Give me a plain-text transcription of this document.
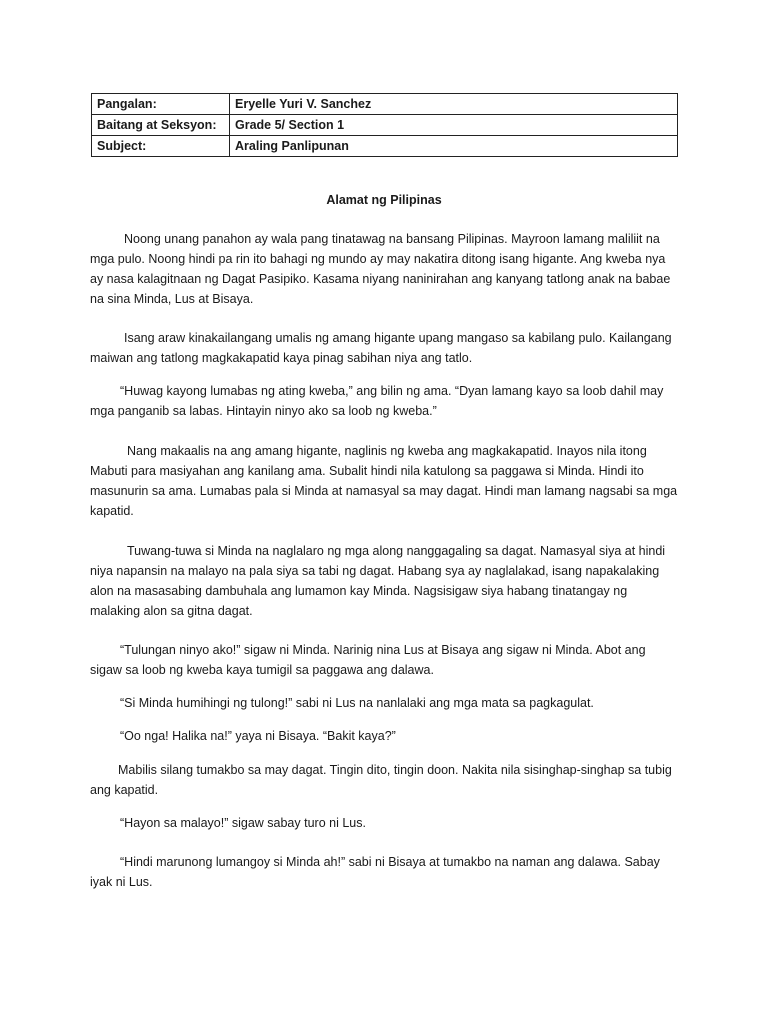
Pangalan:	Eryelle Yuri V. Sanchez
Baitang at Seksyon:	Grade 5/ Section 1
Subject:	Araling Panlipunan
Alamat ng Pilipinas

Noong unang panahon ay wala pang tinatawag na bansang Pilipinas. Mayroon lamang maliliit na mga pulo. Noong hindi pa rin ito bahagi ng mundo ay may nakatira ditong isang higante. Ang kweba nya ay nasa kalagitnaan ng Dagat Pasipiko. Kasama niyang naninirahan ang kanyang tatlong anak na babae na sina Minda, Lus at Bisaya.

Isang araw kinakailangang umalis ng amang higante upang mangaso sa kabilang pulo. Kailangang maiwan ang tatlong magkakapatid kaya pinag sabihan niya ang tatlo.

“Huwag kayong lumabas ng ating kweba,” ang bilin ng ama. “Dyan lamang kayo sa loob dahil may mga panganib sa labas. Hintayin ninyo ako sa loob ng kweba.”

Nang makaalis na ang amang higante, naglinis ng kweba ang magkakapatid. Inayos nila itong Mabuti para masiyahan ang kanilang ama. Subalit hindi nila katulong sa paggawa si Minda. Hindi ito masunurin sa ama. Lumabas pala si Minda at namasyal sa may dagat. Hindi man lamang nagsabi sa mga kapatid.

Tuwang-tuwa si Minda na naglalaro ng mga along nanggagaling sa dagat. Namasyal siya at hindi niya napansin na malayo na pala siya sa tabi ng dagat. Habang sya ay naglalakad, isang napakalaking alon na masasabing dambuhala ang lumamon kay Minda. Nagsisigaw siya habang tinatangay ng malaking alon sa gitna dagat.

“Tulungan ninyo ako!” sigaw ni Minda. Narinig nina Lus at Bisaya ang sigaw ni Minda. Abot ang sigaw sa loob ng kweba kaya tumigil sa paggawa ang dalawa.

“Si Minda humihingi ng tulong!” sabi ni Lus na nanlalaki ang mga mata sa pagkagulat.

“Oo nga! Halika na!” yaya ni Bisaya. “Bakit kaya?”

Mabilis silang tumakbo sa may dagat. Tingin dito, tingin doon. Nakita nila sisinghap-singhap sa tubig ang kapatid.

“Hayon sa malayo!” sigaw sabay turo ni Lus.

“Hindi marunong lumangoy si Minda ah!” sabi ni Bisaya at tumakbo na naman ang dalawa. Sabay iyak ni Lus.
